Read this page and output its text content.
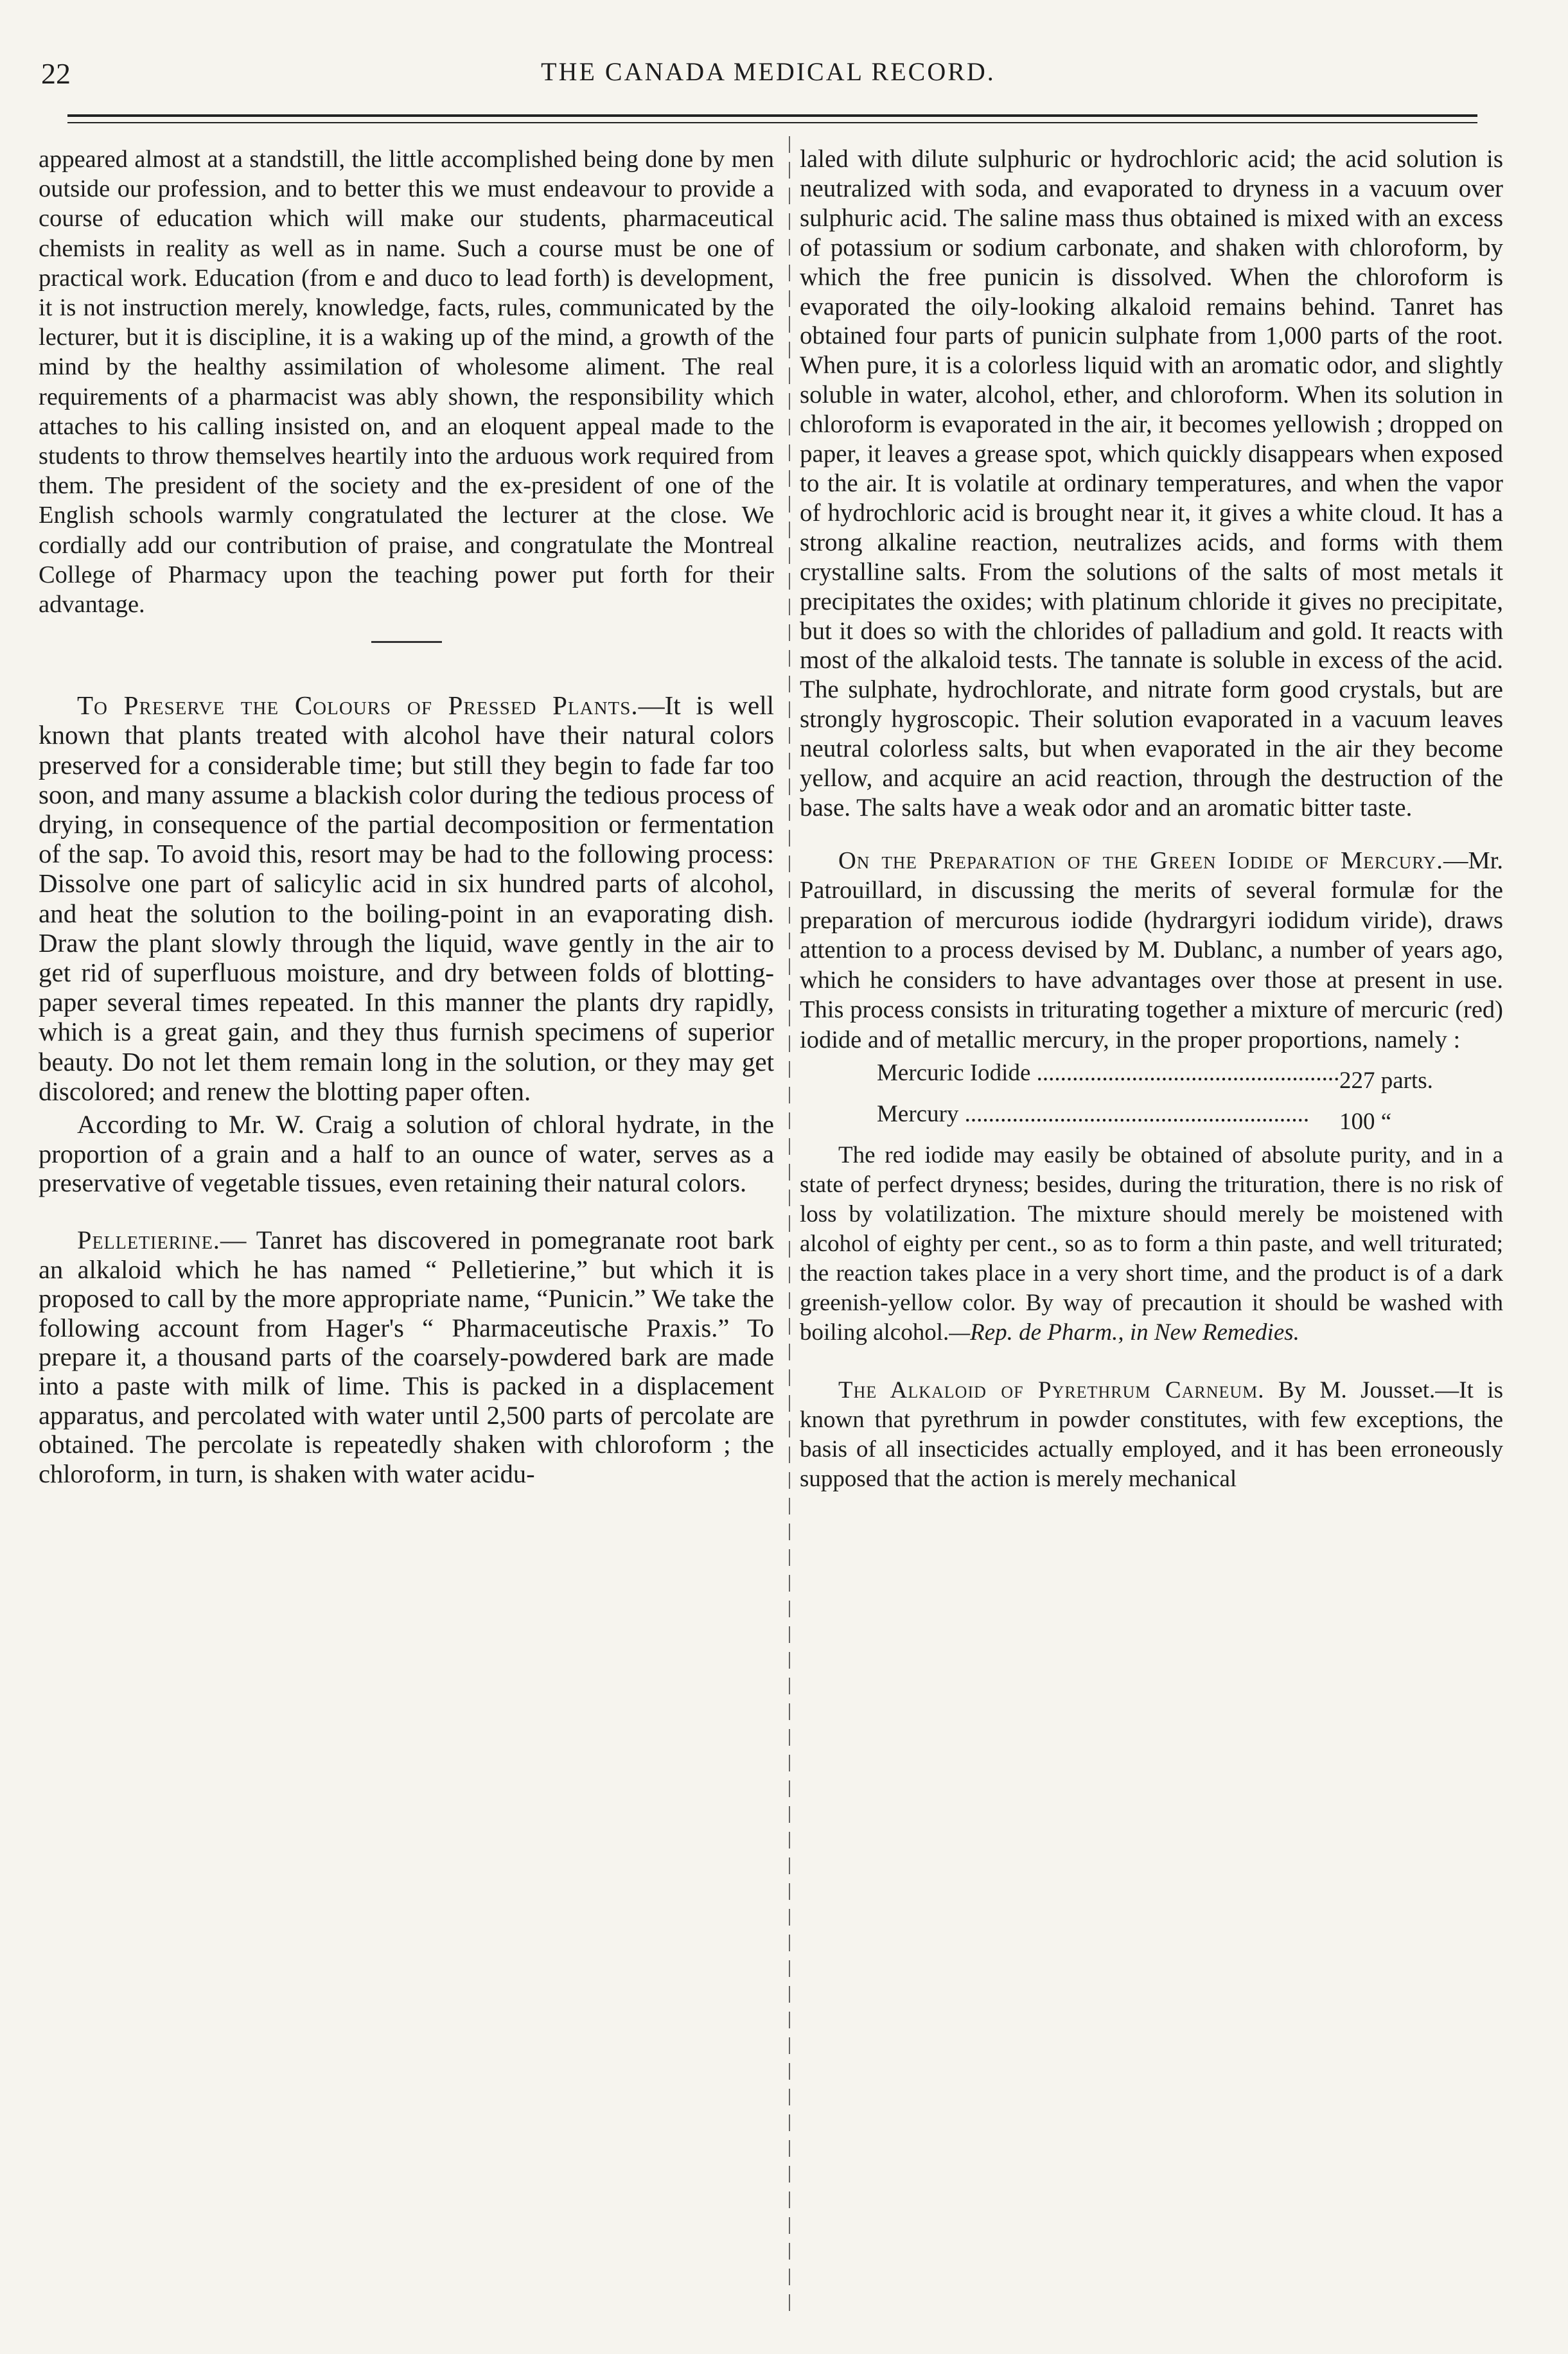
22	THE CANADA MEDICAL RECORD.

appeared almost at a standstill, the little accomplished being done by men outside our profession, and to better this we must endeavour to provide a course of education which will make our students, pharmaceutical chemists in reality as well as in name. Such a course must be one of practical work. Education (from e and duco to lead forth) is development, it is not instruction merely, knowledge, facts, rules, communicated by the lecturer, but it is discipline, it is a waking up of the mind, a growth of the mind by the healthy assimilation of wholesome aliment. The real requirements of a pharmacist was ably shown, the responsibility which attaches to his calling insisted on, and an eloquent appeal made to the students to throw themselves heartily into the arduous work required from them. The president of the society and the ex-president of one of the English schools warmly congratulated the lecturer at the close. We cordially add our contribution of praise, and congratulate the Montreal College of Pharmacy upon the teaching power put forth for their advantage.

To Preserve the Colours of Pressed Plants.—It is well known that plants treated with alcohol have their natural colors preserved for a considerable time; but still they begin to fade far too soon, and many assume a blackish color during the tedious process of drying, in consequence of the partial decomposition or fermentation of the sap. To avoid this, resort may be had to the following process: Dissolve one part of salicylic acid in six hundred parts of alcohol, and heat the solution to the boiling-point in an evaporating dish. Draw the plant slowly through the liquid, wave gently in the air to get rid of superfluous moisture, and dry between folds of blotting-paper several times repeated. In this manner the plants dry rapidly, which is a great gain, and they thus furnish specimens of superior beauty. Do not let them remain long in the solution, or they may get discolored; and renew the blotting paper often.

According to Mr. W. Craig a solution of chloral hydrate, in the proportion of a grain and a half to an ounce of water, serves as a preservative of vegetable tissues, even retaining their natural colors.

Pelletierine.— Tanret has discovered in pomegranate root bark an alkaloid which he has named “ Pelletierine,” but which it is proposed to call by the more appropriate name, “Punicin.” We take the following account from Hager's “ Pharmaceutische Praxis.” To prepare it, a thousand parts of the coarsely-powdered bark are made into a paste with milk of lime. This is packed in a displacement apparatus, and percolated with water until 2,500 parts of percolate are obtained. The percolate is repeatedly shaken with chloroform ; the chloroform, in turn, is shaken with water acidu-

laled with dilute sulphuric or hydrochloric acid; the acid solution is neutralized with soda, and evaporated to dryness in a vacuum over sulphuric acid. The saline mass thus obtained is mixed with an excess of potassium or sodium carbonate, and shaken with chloroform, by which the free punicin is dissolved. When the chloroform is evaporated the oily-looking alkaloid remains behind. Tanret has obtained four parts of punicin sulphate from 1,000 parts of the root. When pure, it is a colorless liquid with an aromatic odor, and slightly soluble in water, alcohol, ether, and chloroform. When its solution in chloroform is evaporated in the air, it becomes yellowish ; dropped on paper, it leaves a grease spot, which quickly disappears when exposed to the air. It is volatile at ordinary temperatures, and when the vapor of hydrochloric acid is brought near it, it gives a white cloud. It has a strong alkaline reaction, neutralizes acids, and forms with them crystalline salts. From the solutions of the salts of most metals it precipitates the oxides; with platinum chloride it gives no precipitate, but it does so with the chlorides of palladium and gold. It reacts with most of the alkaloid tests. The tannate is soluble in excess of the acid. The sulphate, hydrochlorate, and nitrate form good crystals, but are strongly hygroscopic. Their solution evaporated in a vacuum leaves neutral colorless salts, but when evaporated in the air they become yellow, and acquire an acid reaction, through the destruction of the base. The salts have a weak odor and an aromatic bitter taste.

On the Preparation of the Green Iodide of Mercury.—Mr. Patrouillard, in discussing the merits of several formulæ for the preparation of mercurous iodide (hydrargyri iodidum viride), draws attention to a process devised by M. Dublanc, a number of years ago, which he considers to have advantages over those at present in use. This process consists in triturating together a mixture of mercuric (red) iodide and of metallic mercury, in the proper proportions, namely :

Mercuric Iodide .....	227 parts.

Mercury .....	100 “

The red iodide may easily be obtained of absolute purity, and in a state of perfect dryness; besides, during the trituration, there is no risk of loss by volatilization. The mixture should merely be moistened with alcohol of eighty per cent., so as to form a thin paste, and well triturated; the reaction takes place in a very short time, and the product is of a dark greenish-yellow color. By way of precaution it should be washed with boiling alcohol.—Rep. de Pharm., in New Remedies.

The Alkaloid of Pyrethrum Carneum. By M. Jousset.—It is known that pyrethrum in powder constitutes, with few exceptions, the basis of all insecticides actually employed, and it has been erroneously supposed that the action is merely mechanical
